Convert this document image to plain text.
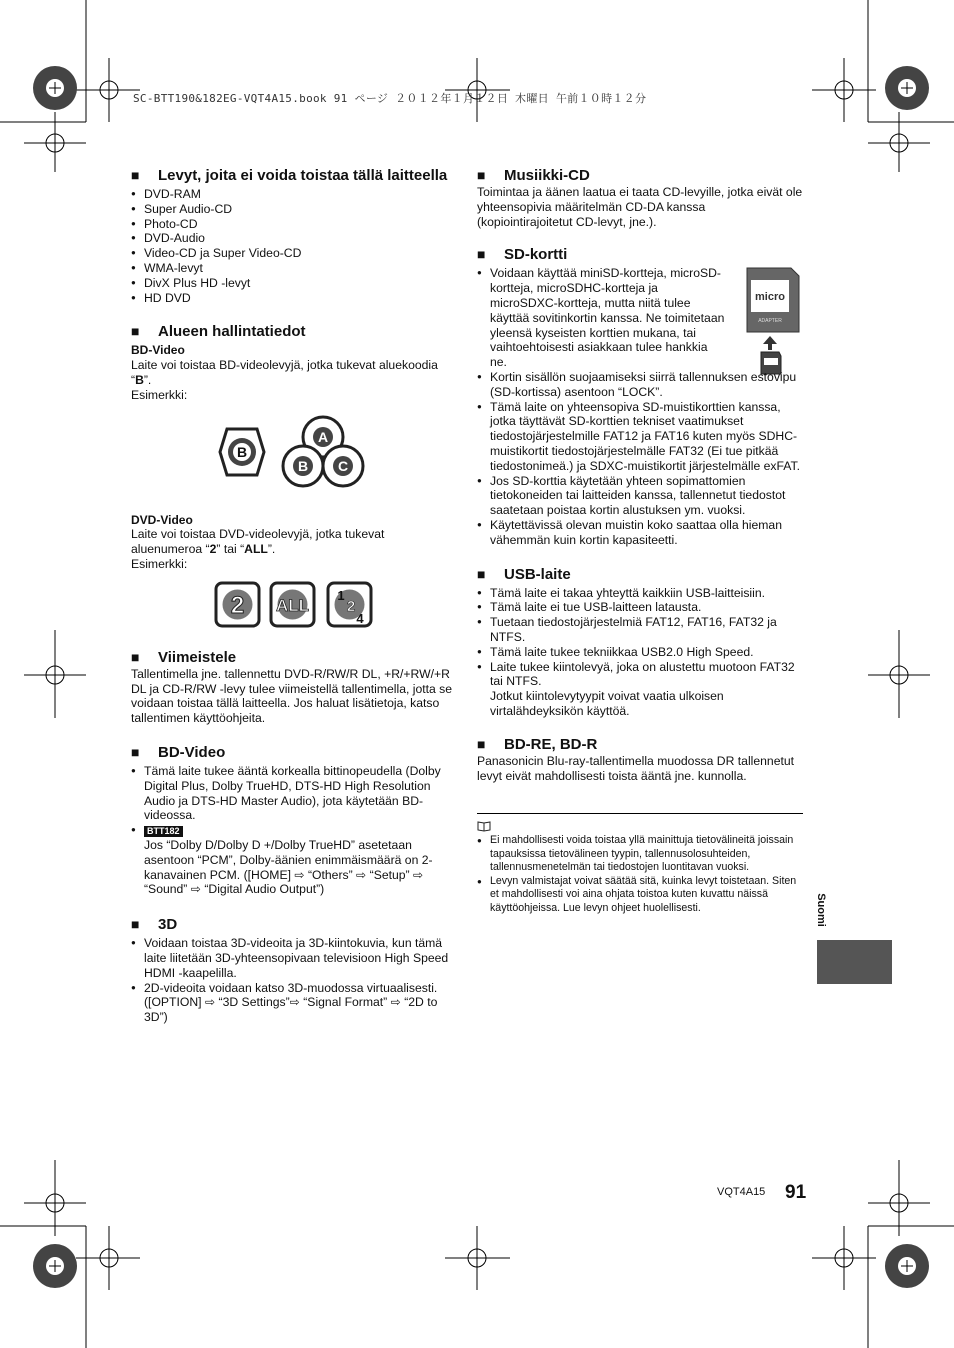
SC-BTT190&182EG-VQT4A15.book 91 ページ ２０１２年１月１２日 木曜日 午前１０時１２分
■ Levyt, joita ei voida toistaa tällä laitteella
● DVD-RAM
● Super Audio-CD
● Photo-CD
● DVD-Audio
● Video-CD ja Super Video-CD
● WMA-levyt
● DivX Plus HD -levyt
● HD DVD
■ Alueen hallintatiedot

BD-Video

Laite voi toistaa BD-videolevyjä, jotka tukevat aluekoodia “B”.

Esimerkki:

B
A
B C

DVD-Video

Laite voi toistaa DVD-videolevyjä, jotka tukevat aluenumeroa “2” tai “ALL”.

Esimerkki:

2 ALL
1
2
4
■ Viimeistele

Tallentimella jne. tallennettu DVD-R/RW/R DL, +R/+RW/+R DL ja CD-R/RW -levy tulee viimeistellä tallentimella, jotta se voidaan toistaa tällä laitteella. Jos haluat lisätietoja, katso tallentimen käyttöohjeita.

■ BD-Video
● Tämä laite tukee ääntä korkealla bittinopeudella (Dolby Digital Plus, Dolby TrueHD, DTS-HD High Resolution Audio ja DTS-HD Master Audio), jota käytetään BD-videossa.
● BTT182
Jos “Dolby D/Dolby D +/Dolby TrueHD” asetetaan asentoon “PCM”, Dolby-äänien enimmäismäärä on 2-kanavainen PCM. ([HOME] ⇨ “Others” ⇨ “Setup” ⇨ “Sound” ⇨ “Digital Audio Output”)
■ 3D
● Voidaan toistaa 3D-videoita ja 3D-kiintokuvia, kun tämä laite liitetään 3D-yhteensopivaan televisioon High Speed HDMI -kaapelilla.
● 2D-videoita voidaan katso 3D-muodossa virtuaalisesti. ([OPTION] ⇨ “3D Settings”⇨ “Signal Format” ⇨ “2D to 3D”)
■ Musiikki-CD

Toimintaa ja äänen laatua ei taata CD-levyille, jotka eivät ole yhteensopivia määritelmän CD-DA kanssa (kopiointirajoitetut CD-levyt, jne.).

■ SD-kortti
micro
ADAPTER
● Voidaan käyttää miniSD-kortteja, microSD-kortteja, microSDHC-kortteja ja microSDXC-kortteja, mutta niitä tulee käyttää sovitinkortin kanssa. Ne toimitetaan yleensä kyseisten korttien mukana, tai vaihtoehtoisesti asiakkaan tulee hankkia ne.
● Kortin sisällön suojaamiseksi siirrä tallennuksen estovipu (SD-kortissa) asentoon “LOCK”.
● Tämä laite on yhteensopiva SD-muistikorttien kanssa, jotka täyttävät SD-korttien tekniset vaatimukset tiedostojärjestelmille FAT12 ja FAT16 kuten myös SDHC-muistikortit tiedostojärjestelmälle FAT32 (Ei tue pitkää tiedostonimeä.) ja SDXC-muistikortit järjestelmälle exFAT.
● Jos SD-korttia käytetään yhteen sopimattomien tietokoneiden tai laitteiden kanssa, tallennetut tiedostot saatetaan poistaa kortin alustuksen ym. vuoksi.
● Käytettävissä olevan muistin koko saattaa olla hieman vähemmän kuin kortin kapasiteetti.
■ USB-laite
● Tämä laite ei takaa yhteyttä kaikkiin USB-laitteisiin.
● Tämä laite ei tue USB-laitteen latausta.
● Tuetaan tiedostojärjestelmiä FAT12, FAT16, FAT32 ja NTFS.
● Tämä laite tukee tekniikkaa USB2.0 High Speed.
● Laite tukee kiintolevyä, joka on alustettu muotoon FAT32 tai NTFS.

Jotkut kiintolevytyypit voivat vaatia ulkoisen virtalähdeyksikön käyttöä.

■ BD-RE, BD-R

Panasonicin Blu-ray-tallentimella muodossa DR tallennetut levyt eivät mahdollisesti toista ääntä jne. kunnolla.

● Ei mahdollisesti voida toistaa yllä mainittuja tietovälineitä joissain tapauksissa tietovälineen tyypin, tallennusolosuhteiden, tallennusmenetelmän tai tiedostojen luontitavan vuoksi.
● Levyn valmistajat voivat säätää sitä, kuinka levyt toistetaan. Siten et mahdollisesti voi aina ohjata toistoa kuten kuvattu näissä käyttöohjeissa. Lue levyn ohjeet huolellisesti.	Suomi
VQT4A15 91
